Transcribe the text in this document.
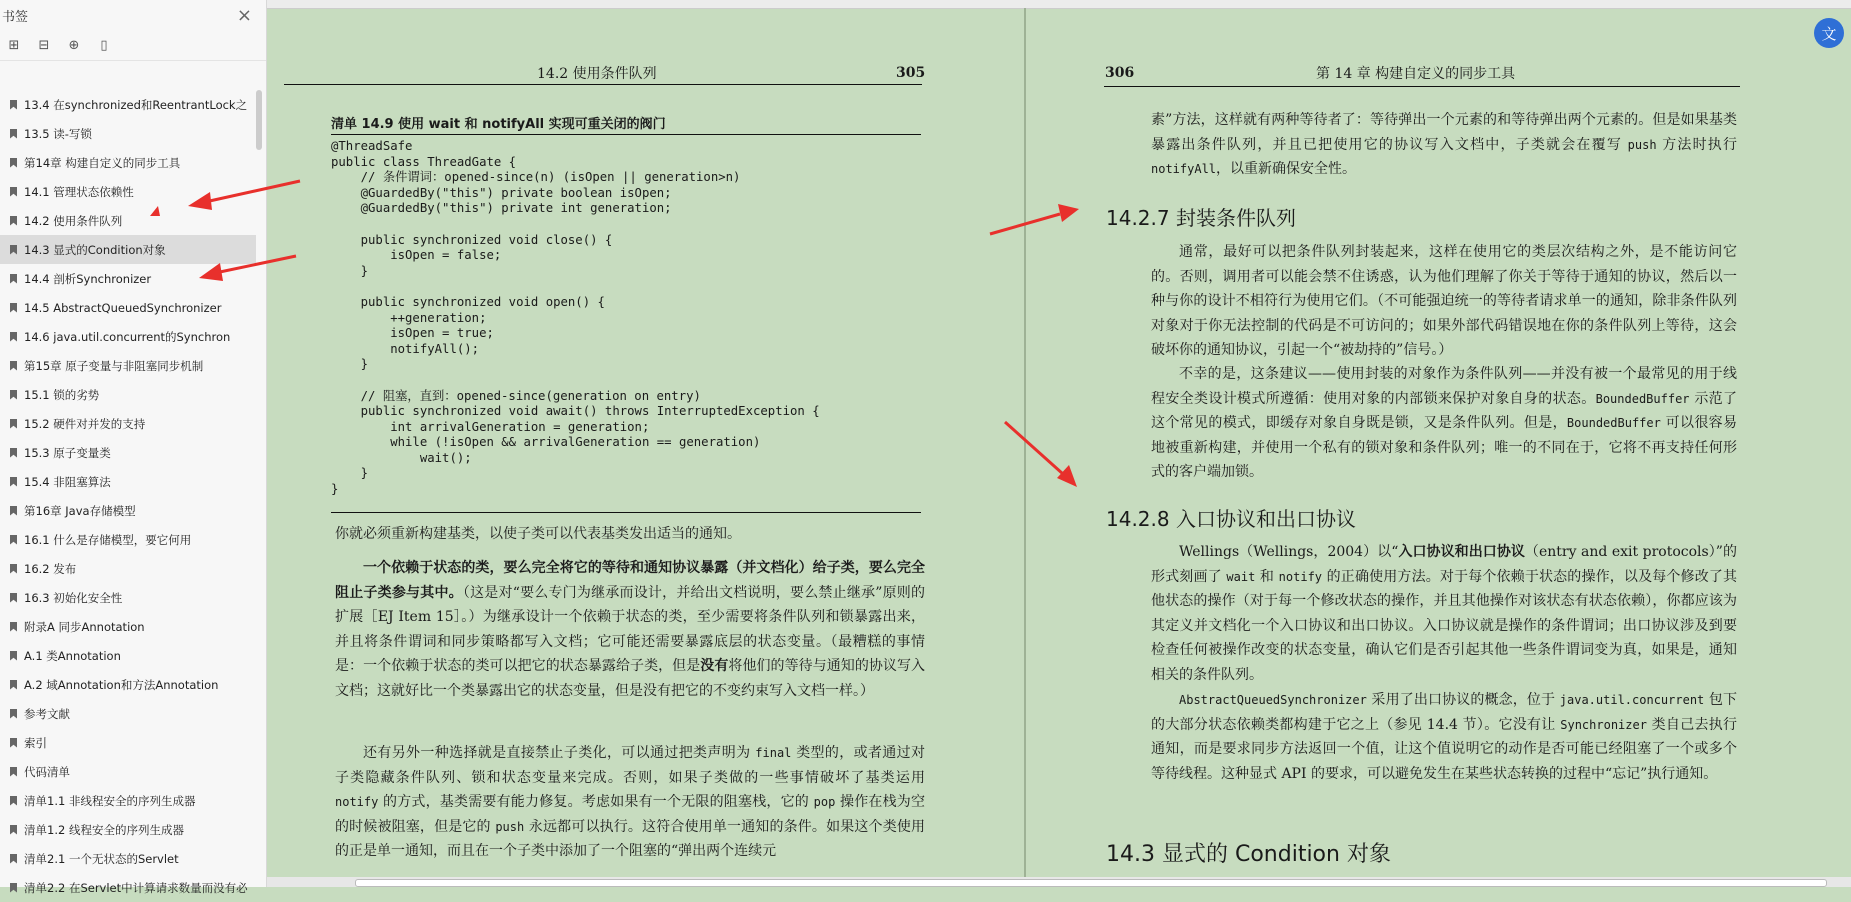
书签	×
⊞ ⊟ ⊕	▯
13.4 在synchronized和ReentrantLock之
13.5 读-写锁
第14章 构建自定义的同步工具
14.1 管理状态依赖性
14.2 使用条件队列
14.3 显式的Condition对象
14.4 剖析Synchronizer
14.5 AbstractQueuedSynchronizer
14.6 java.util.concurrent的Synchron
第15章 原子变量与非阻塞同步机制
15.1 锁的劣势
15.2 硬件对并发的支持
15.3 原子变量类
15.4 非阻塞算法
第16章 Java存储模型
16.1 什么是存储模型，要它何用
16.2 发布
16.3 初始化安全性
附录A 同步Annotation
A.1 类Annotation
A.2 域Annotation和方法Annotation
参考文献
索引
代码清单
清单1.1 非线程安全的序列生成器
清单1.2 线程安全的序列生成器
清单2.1 一个无状态的Servlet
清单2.2 在Servlet中计算请求数量而没有必
14.2 使用条件队列	305
清单 14.9 使用 wait 和 notifyAll 实现可重关闭的阀门
@ThreadSafe
public class ThreadGate {
// 条件谓词：opened-since(n) (isOpen || generation>n)
@GuardedBy("this") private boolean isOpen;
@GuardedBy("this") private int generation;

public synchronized void close() {
isOpen = false;
}

public synchronized void open() {
++generation;
isOpen = true;
notifyAll();
}

// 阻塞，直到：opened-since(generation on entry)
public synchronized void await() throws InterruptedException {
int arrivalGeneration = generation;
while (!isOpen && arrivalGeneration == generation)
wait();
}
}
你就必须重新构建基类，以使子类可以代表基类发出适当的通知。
一个依赖于状态的类，要么完全将它的等待和通知协议暴露（并文档化）给子类，要么完全阻止子类参与其中。（这是对“要么专门为继承而设计，并给出文档说明，要么禁止继承”原则的扩展［EJ Item 15］。）为继承设计一个依赖于状态的类，至少需要将条件队列和锁暴露出来，并且将条件谓词和同步策略都写入文档；它可能还需要暴露底层的状态变量。（最糟糕的事情是：一个依赖于状态的类可以把它的状态暴露给子类，但是没有将他们的等待与通知的协议写入文档；这就好比一个类暴露出它的状态变量，但是没有把它的不变约束写入文档一样。）
还有另外一种选择就是直接禁止子类化，可以通过把类声明为 final 类型的，或者通过对子类隐藏条件队列、锁和状态变量来完成。否则，如果子类做的一些事情破坏了基类运用 notify 的方式，基类需要有能力修复。考虑如果有一个无限的阻塞栈，它的 pop 操作在栈为空的时候被阻塞，但是它的 push 永远都可以执行。这符合使用单一通知的条件。如果这个类使用的正是单一通知，而且在一个子类中添加了一个阻塞的“弹出两个连续元
306	第 14 章 构建自定义的同步工具
素”方法，这样就有两种等待者了：等待弹出一个元素的和等待弹出两个元素的。但是如果基类暴露出条件队列，并且已把使用它的协议写入文档中，子类就会在覆写 push 方法时执行 notifyAll，以重新确保安全性。
14.2.7 封装条件队列
通常，最好可以把条件队列封装起来，这样在使用它的类层次结构之外，是不能访问它的。否则，调用者可以能会禁不住诱惑，认为他们理解了你关于等待于通知的协议，然后以一种与你的设计不相符行为使用它们。（不可能强迫统一的等待者请求单一的通知，除非条件队列对象对于你无法控制的代码是不可访问的；如果外部代码错误地在你的条件队列上等待，这会破坏你的通知协议，引起一个“被劫持的”信号。）
不幸的是，这条建议——使用封装的对象作为条件队列——并没有被一个最常见的用于线程安全类设计模式所遵循：使用对象的内部锁来保护对象自身的状态。BoundedBuffer 示范了这个常见的模式，即缓存对象自身既是锁，又是条件队列。但是，BoundedBuffer 可以很容易地被重新构建，并使用一个私有的锁对象和条件队列；唯一的不同在于，它将不再支持任何形式的客户端加锁。
14.2.8 入口协议和出口协议
Wellings（Wellings，2004）以“入口协议和出口协议（entry and exit protocols）”的形式刻画了 wait 和 notify 的正确使用方法。对于每个依赖于状态的操作，以及每个修改了其他状态的操作（对于每一个修改状态的操作，并且其他操作对该状态有状态依赖），你都应该为其定义并文档化一个入口协议和出口协议。入口协议就是操作的条件谓词；出口协议涉及到要检查任何被操作改变的状态变量，确认它们是否引起其他一些条件谓词变为真，如果是，通知相关的条件队列。
AbstractQueuedSynchronizer 采用了出口协议的概念，位于 java.util.concurrent 包下的大部分状态依赖类都构建于它之上（参见 14.4 节）。它没有让 Synchronizer 类自己去执行通知，而是要求同步方法返回一个值，让这个值说明它的动作是否可能已经阻塞了一个或多个等待线程。这种显式 API 的要求，可以避免发生在某些状态转换的过程中“忘记”执行通知。
14.3 显式的 Condition 对象
文
